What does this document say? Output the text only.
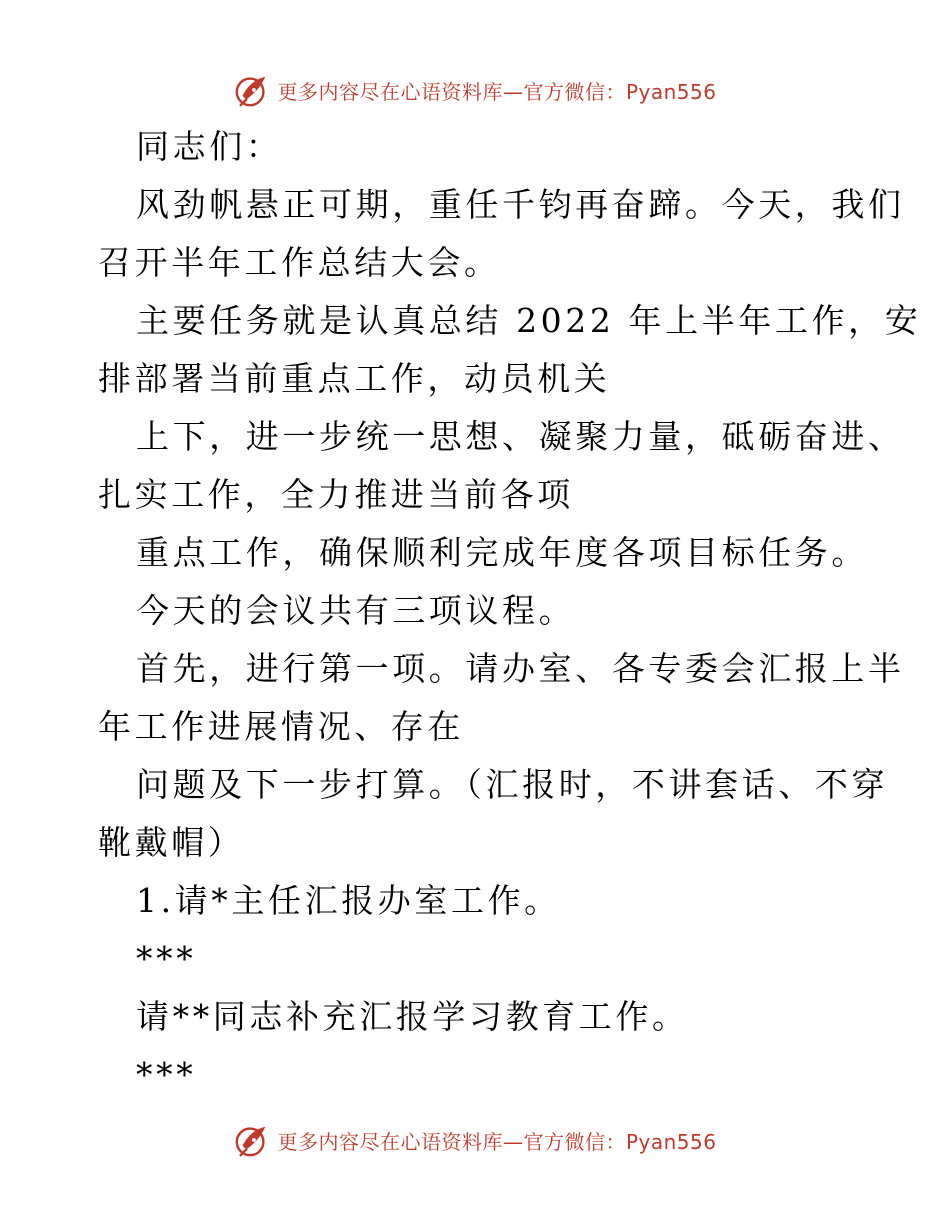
更多内容尽在心语资料库—官方微信：Pyan556
同志们：
风劲帆悬正可期，重任千钧再奋蹄。今天，我们
召开半年工作总结大会。
主要任务就是认真总结 2022 年上半年工作，安
排部署当前重点工作，动员机关
上下，进一步统一思想、凝聚力量，砥砺奋进、
扎实工作，全力推进当前各项
重点工作，确保顺利完成年度各项目标任务。
今天的会议共有三项议程。
首先，进行第一项。请办室、各专委会汇报上半
年工作进展情况、存在
问题及下一步打算。（汇报时，不讲套话、不穿
靴戴帽）
1.请*主任汇报办室工作。
***
请**同志补充汇报学习教育工作。
***
更多内容尽在心语资料库—官方微信：Pyan556
